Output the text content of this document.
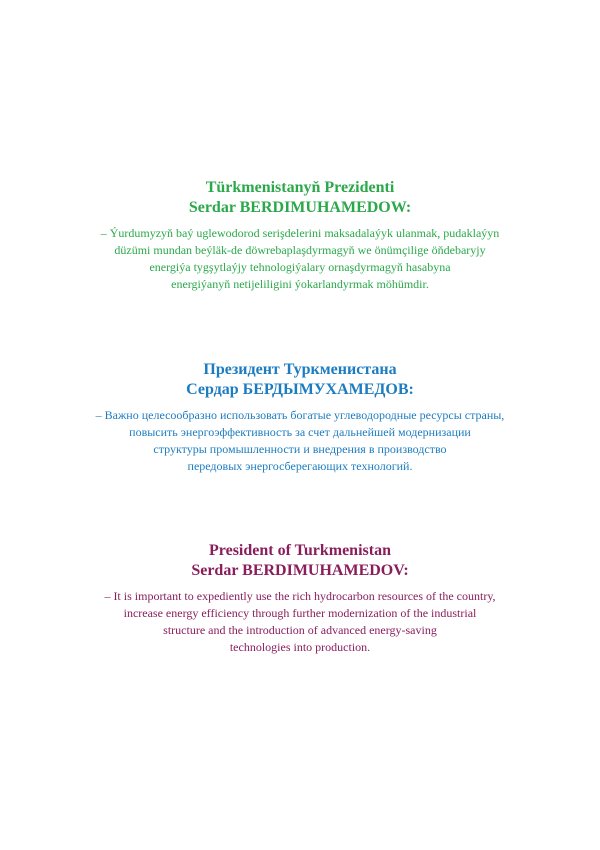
Türkmenistanyň Prezidenti
Serdar BERDIMUHAMEDOW:

– Ýurdumyzyň baý uglewodorod serişdelerini maksadalaýyk ulanmak, pudaklaýyn
düzümi mundan beýläk-de döwrebaplaşdyrmagyň we önümçilige öňdebaryjy
energiýa tygşytlaýjy tehnologiýalary ornaşdyrmagyň hasabyna
energiýanyň netijeliligini ýokarlandyrmak möhümdir.

Президент Туркменистана
Сердар БЕРДЫМУХАМЕДОВ:

– Важно целесообразно использовать богатые углеводородные ресурсы страны,
повысить энергоэффективность за счет дальнейшей модернизации
структуры промышленности и внедрения в производство
передовых энергосберегающих технологий.

President of Turkmenistan
Serdar BERDIMUHAMEDOV:

– It is important to expediently use the rich hydrocarbon resources of the country,
increase energy efficiency through further modernization of the industrial
structure and the introduction of advanced energy-saving
technologies into production.
